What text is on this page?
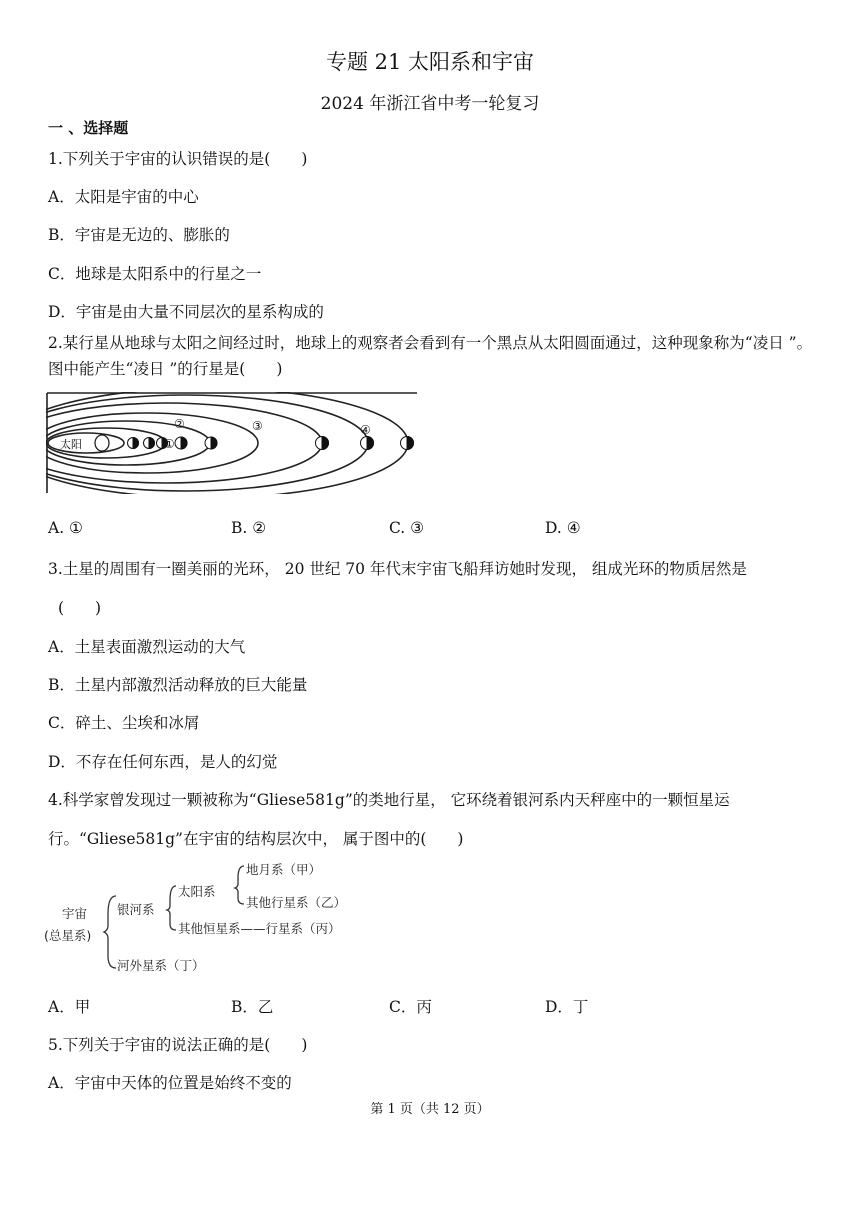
专题 21 太阳系和宇宙
2024 年浙江省中考一轮复习
一 、选择题
1.下列关于宇宙的认识错误的是(　　)
A．太阳是宇宙的中心
B．宇宙是无边的、膨胀的
C．地球是太阳系中的行星之一
D．宇宙是由大量不同层次的星系构成的
2.某行星从地球与太阳之间经过时，地球上的观察者会看到有一个黑点从太阳圆面通过，这种现象称为“凌日 ”。图中能产生“凌日 ”的行星是(　　)
太阳	①
②	③	④
A. ①	B. ②	C. ③	D. ④
3.土星的周围有一圈美丽的光环， 20 世纪 70 年代末宇宙飞船拜访她时发现， 组成光环的物质居然是
(　　)
A．土星表面激烈运动的大气
B．土星内部激烈活动释放的巨大能量
C．碎土、尘埃和冰屑
D．不存在任何东西，是人的幻觉
4.科学家曾发现过一颗被称为“Gliese581g”的类地行星， 它环绕着银河系内天秤座中的一颗恒星运
行。“Gliese581g”在宇宙的结构层次中， 属于图中的(　　)
宇宙
(总星系)
银河系
太阳系
地月系（甲）
其他行星系（乙）
其他恒星系——行星系（丙）
河外星系（丁）
A．甲	B．乙	C．丙	D．丁
5.下列关于宇宙的说法正确的是(　　)
A．宇宙中天体的位置是始终不变的
第 1 页（共 12 页）
